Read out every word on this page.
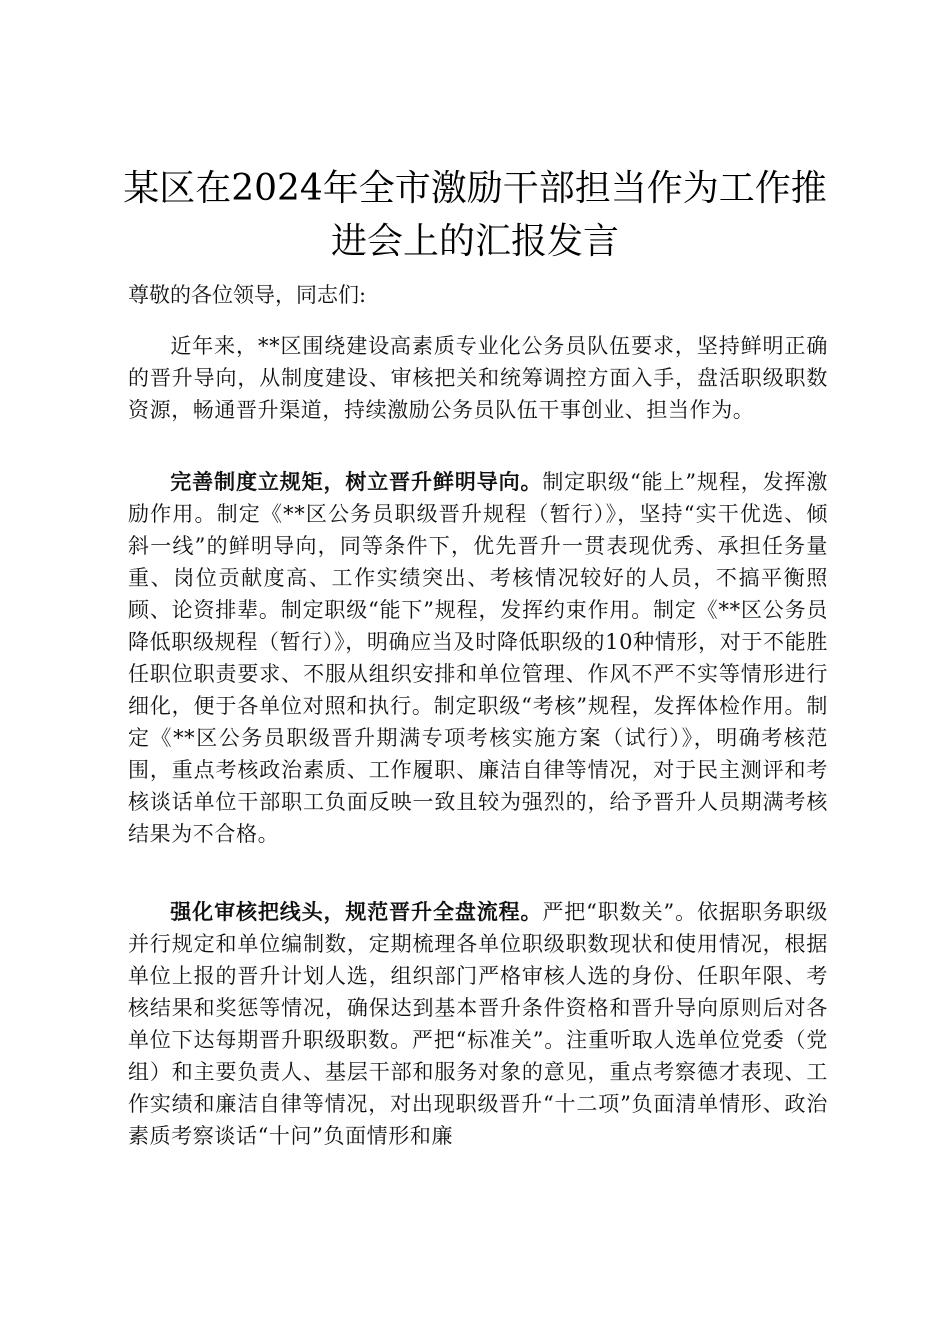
某区在2024年全市激励干部担当作为工作推进会上的汇报发言

尊敬的各位领导，同志们:

近年来，**区围绕建设高素质专业化公务员队伍要求，坚持鲜明正确的晋升导向，从制度建设、审核把关和统筹调控方面入手，盘活职级职数资源，畅通晋升渠道，持续激励公务员队伍干事创业、担当作为。

完善制度立规矩，树立晋升鲜明导向。制定职级“能上”规程，发挥激励作用。制定《**区公务员职级晋升规程（暂行）》，坚持“实干优选、倾斜一线”的鲜明导向，同等条件下，优先晋升一贯表现优秀、承担任务量重、岗位贡献度高、工作实绩突出、考核情况较好的人员，不搞平衡照顾、论资排辈。制定职级“能下”规程，发挥约束作用。制定《**区公务员降低职级规程（暂行）》，明确应当及时降低职级的10种情形，对于不能胜任职位职责要求、不服从组织安排和单位管理、作风不严不实等情形进行细化，便于各单位对照和执行。制定职级“考核”规程，发挥体检作用。制定《**区公务员职级晋升期满专项考核实施方案（试行）》，明确考核范围，重点考核政治素质、工作履职、廉洁自律等情况，对于民主测评和考核谈话单位干部职工负面反映一致且较为强烈的，给予晋升人员期满考核结果为不合格。

强化审核把线头，规范晋升全盘流程。严把“职数关”。依据职务职级并行规定和单位编制数，定期梳理各单位职级职数现状和使用情况，根据单位上报的晋升计划人选，组织部门严格审核人选的身份、任职年限、考核结果和奖惩等情况，确保达到基本晋升条件资格和晋升导向原则后对各单位下达每期晋升职级职数。严把“标准关”。注重听取人选单位党委（党组）和主要负责人、基层干部和服务对象的意见，重点考察德才表现、工作实绩和廉洁自律等情况，对出现职级晋升“十二项”负面清单情形、政治素质考察谈话“十问”负面情形和廉
